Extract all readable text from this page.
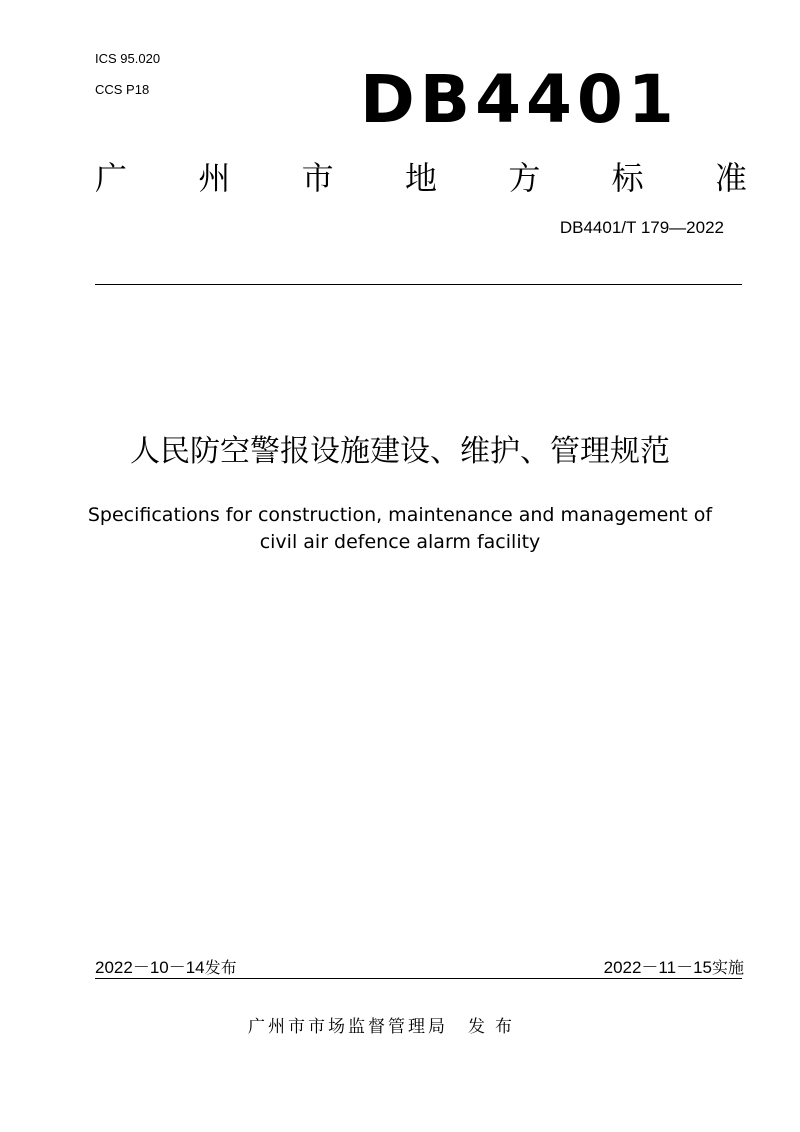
ICS 95.020
CCS P18	DB4401
广 州 市 地 方 标 准
DB4401/T 179—2022
人民防空警报设施建设、维护、管理规范
Specifications for construction, maintenance and management of
civil air defence alarm facility
2022－10－14发布	2022－11－15实施
广州市市场监督管理局 发布
